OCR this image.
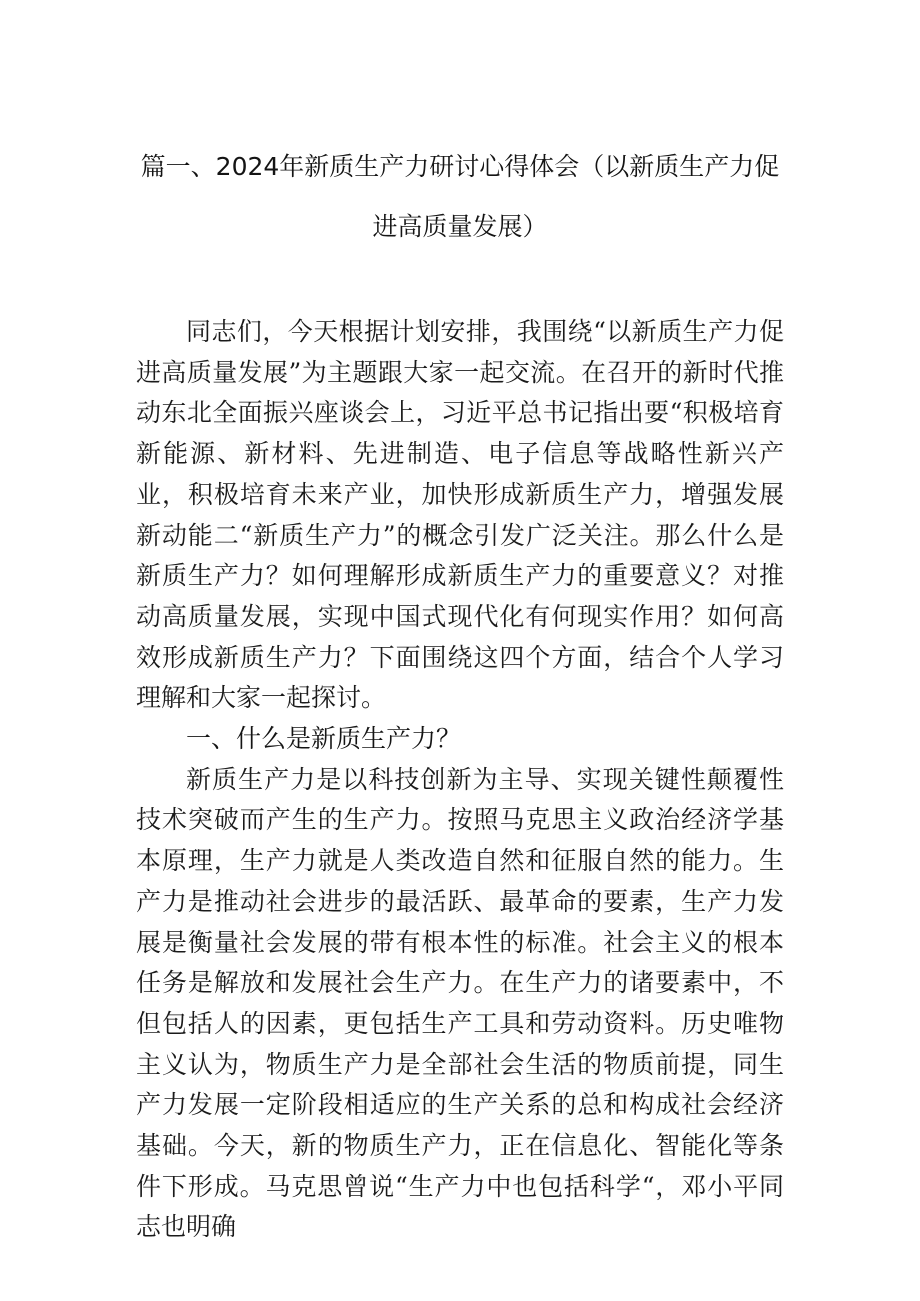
篇一、2024年新质生产力研讨心得体会（以新质生产力促
进高质量发展）

同志们，今天根据计划安排，我围绕“以新质生产力促进高质量发展”为主题跟大家一起交流。在召开的新时代推动东北全面振兴座谈会上，习近平总书记指出要“积极培育新能源、新材料、先进制造、电子信息等战略性新兴产业，积极培育未来产业，加快形成新质生产力，增强发展新动能二“新质生产力”的概念引发广泛关注。那么什么是新质生产力？如何理解形成新质生产力的重要意义？对推动高质量发展，实现中国式现代化有何现实作用？如何高效形成新质生产力？下面围绕这四个方面，结合个人学习理解和大家一起探讨。

一、什么是新质生产力？

新质生产力是以科技创新为主导、实现关键性颠覆性技术突破而产生的生产力。按照马克思主义政治经济学基本原理，生产力就是人类改造自然和征服自然的能力。生产力是推动社会进步的最活跃、最革命的要素，生产力发展是衡量社会发展的带有根本性的标准。社会主义的根本任务是解放和发展社会生产力。在生产力的诸要素中，不但包括人的因素，更包括生产工具和劳动资料。历史唯物主义认为，物质生产力是全部社会生活的物质前提，同生产力发展一定阶段相适应的生产关系的总和构成社会经济基础。今天，新的物质生产力，正在信息化、智能化等条件下形成。马克思曾说“生产力中也包括科学“，邓小平同志也明确
